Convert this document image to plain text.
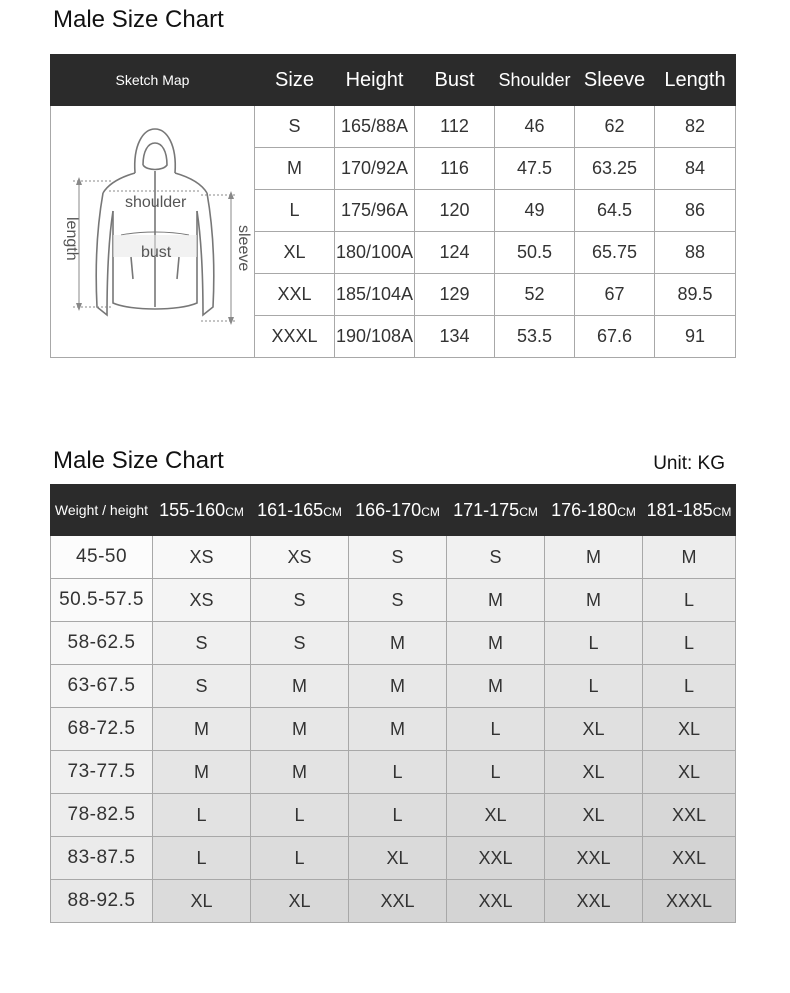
Male Size Chart
Sketch Map	Size	Height	Bust	Shoulder	Sleeve	Length

shoulder
bust
length sleeve	S	165/88A	112	46	62	82
	M	170/92A	116	47.5	63.25	84
	L	175/96A	120	49	64.5	86
	XL	180/100A	124	50.5	65.75	88
	XXL	185/104A	129	52	67	89.5
	XXXL	190/108A	134	53.5	67.6	91
Male Size Chart	Unit: KG
Weight / height	155-160CM	161-165CM	166-170CM	171-175CM	176-180CM	181-185CM
45-50	XS	XS	S	S	M	M
50.5-57.5	XS	S	S	M	M	L
58-62.5	S	S	M	M	L	L
63-67.5	S	M	M	M	L	L
68-72.5	M	M	M	L	XL	XL
73-77.5	M	M	L	L	XL	XL
78-82.5	L	L	L	XL	XL	XXL
83-87.5	L	L	XL	XXL	XXL	XXL
88-92.5	XL	XL	XXL	XXL	XXL	XXXL
